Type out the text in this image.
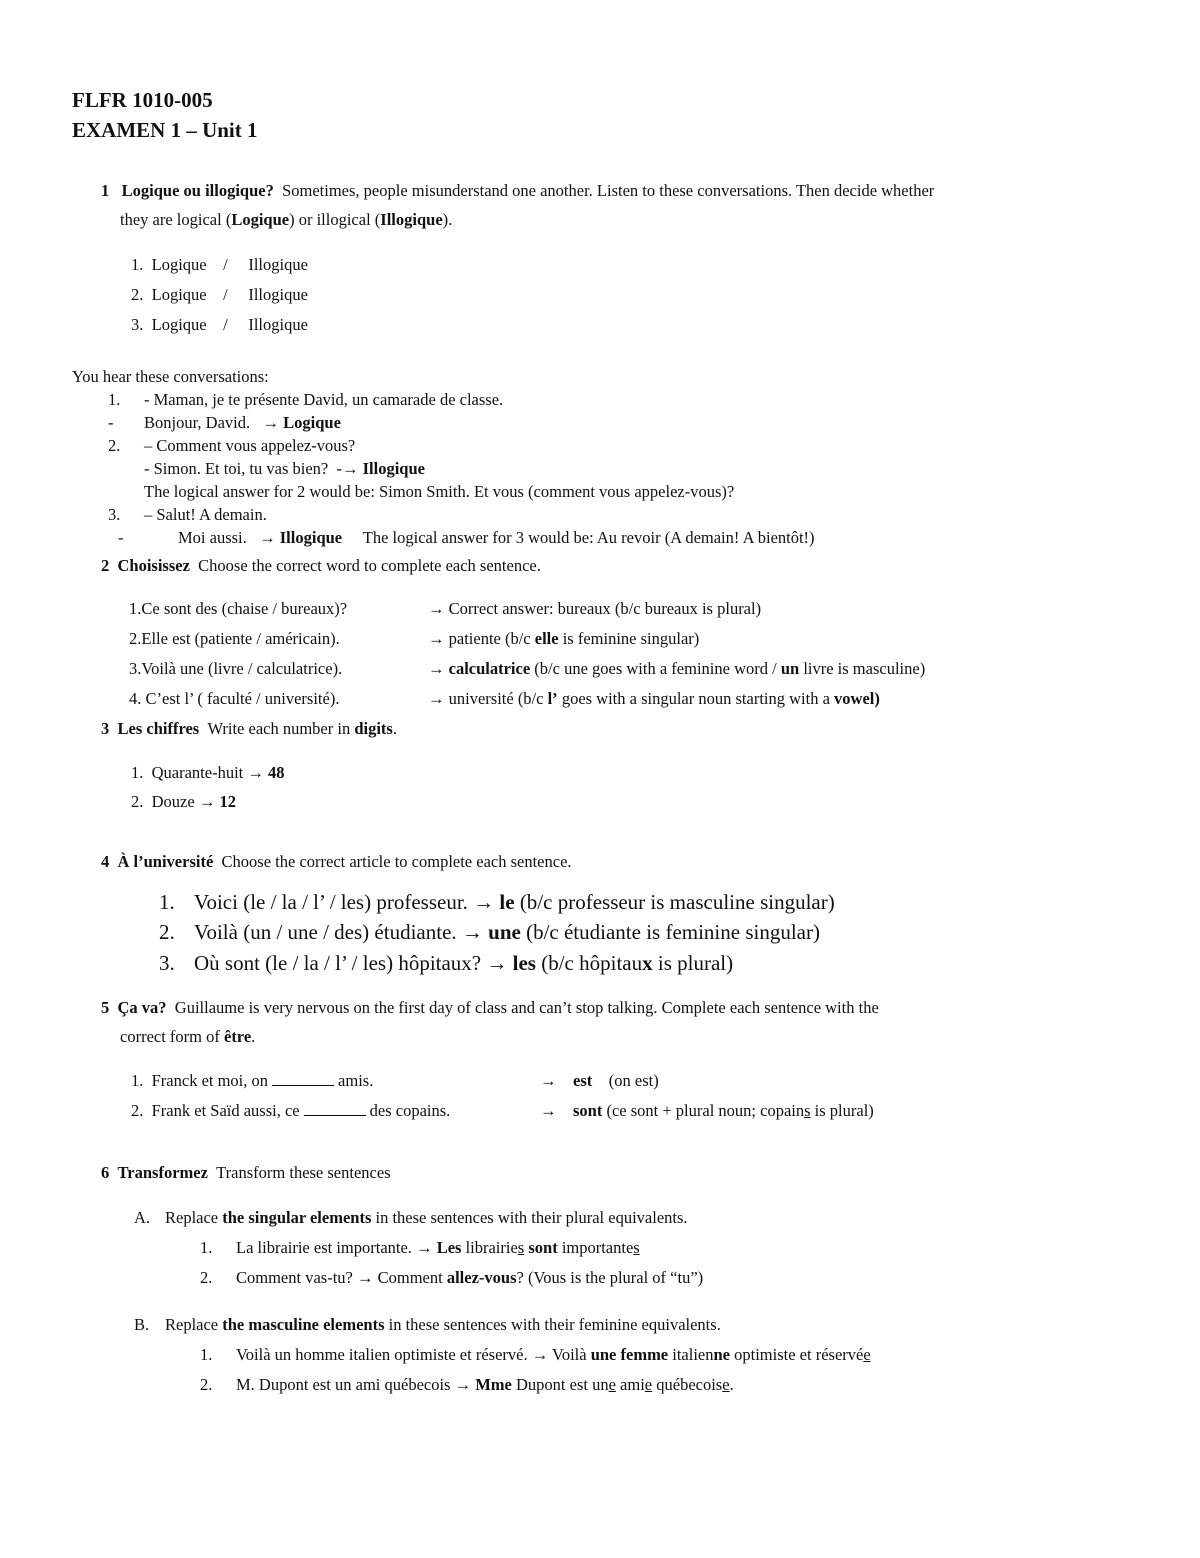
FLFR 1010-005
EXAMEN 1 – Unit 1
1 Logique ou illogique? Sometimes, people misunderstand one another. Listen to these conversations. Then decide whether
they are logical (Logique) or illogical (Illogique).
1. Logique / Illogique
2. Logique / Illogique
3. Logique / Illogique
You hear these conversations:
1. - Maman, je te présente David, un camarade de classe.
- Bonjour, David. → Logique
2. – Comment vous appelez-vous?
- Simon. Et toi, tu vas bien? -→ Illogique
The logical answer for 2 would be: Simon Smith. Et vous (comment vous appelez-vous)?
3. – Salut! A demain.
-	Moi aussi. → Illogique The logical answer for 3 would be: Au revoir (A demain! A bientôt!)
2 Choisissez Choose the correct word to complete each sentence.
1.Ce sont des (chaise / bureaux)?	→ Correct answer: bureaux (b/c bureaux is plural)
2.Elle est (patiente / américain).	→ patiente (b/c elle is feminine singular)
3.Voilà une (livre / calculatrice).	→ calculatrice (b/c une goes with a feminine word / un livre is masculine)
4. C’est l’ ( faculté / université).	→ université (b/c l’ goes with a singular noun starting with a vowel)
3 Les chiffres Write each number in digits.
1. Quarante-huit → 48
2. Douze → 12
4 À l’université Choose the correct article to complete each sentence.
1. Voici (le / la / l’ / les) professeur. → le (b/c professeur is masculine singular)
2. Voilà (un / une / des) étudiante. → une (b/c étudiante is feminine singular)
3. Où sont (le / la / l’ / les) hôpitaux? → les (b/c hôpitaux is plural)
5 Ça va? Guillaume is very nervous on the first day of class and can’t stop talking. Complete each sentence with the
correct form of être.
1. Franck et moi, on	amis.	→ est (on est)
2. Frank et Saïd aussi, ce	des copains.	→ sont (ce sont + plural noun; copains is plural)
6 Transformez Transform these sentences
A. Replace the singular elements in these sentences with their plural equivalents.
1. La librairie est importante. → Les librairies sont importantes
2. Comment vas-tu? → Comment allez-vous? (Vous is the plural of “tu”)
B. Replace the masculine elements in these sentences with their feminine equivalents.
1. Voilà un homme italien optimiste et réservé. → Voilà une femme italienne optimiste et réservée
2. M. Dupont est un ami québecois → Mme Dupont est une amie québecoise.
